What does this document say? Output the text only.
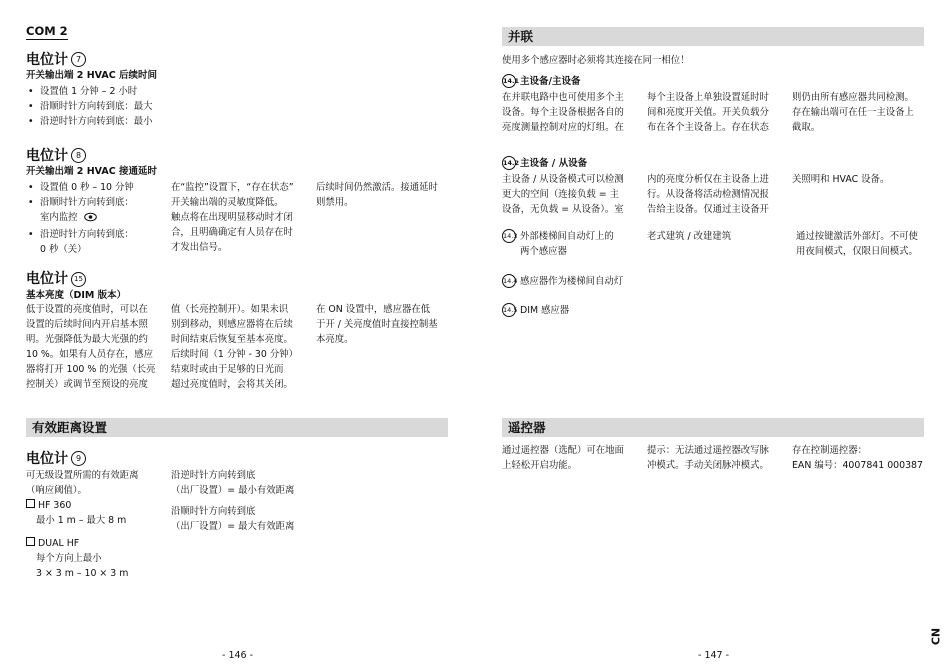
COM 2
电位计 7
开关输出端 2 HVAC 后续时间
• 设置值 1 分钟 – 2 小时
• 沿顺时针方向转到底：最大
• 沿逆时针方向转到底：最小
电位计 8
开关输出端 2 HVAC 接通延时
• 设置值 0 秒 – 10 分钟
• 沿顺时针方向转到底：
室内监控
• 沿逆时针方向转到底：
0 秒（关）
在“监控”设置下，“存在状态”
开关输出端的灵敏度降低。
触点将在出现明显移动时才闭
合，且明确确定有人员存在时
才发出信号。
后续时间仍然激活。接通延时
则禁用。
电位计 15
基本亮度（DIM 版本）
低于设置的亮度值时，可以在
设置的后续时间内开启基本照
明。光强降低为最大光强的约
10 %。如果有人员存在，感应
器将打开 100 % 的光强（长亮
控制关）或调节至预设的亮度
值（长亮控制开）。如果未识
别到移动，则感应器将在后续
时间结束后恢复至基本亮度。
后续时间（1 分钟 - 30 分钟）
结束时或由于足够的日光而
超过亮度值时，会将其关闭。
在 ON 设置中，感应器在低
于开 / 关亮度值时直接控制基
本亮度。
有效距离设置
电位计 9
可无级设置所需的有效距离
（响应阈值）。
HF 360
最小 1 m – 最大 8 m
DUAL HF
每个方向上最小
3 × 3 m – 10 × 3 m
沿逆时针方向转到底
（出厂设置）= 最小有效距离
沿顺时针方向转到底
（出厂设置）= 最大有效距离
- 146 -
并联
使用多个感应器时必须将其连接在同一相位！
14.1主设备/主设备
在并联电路中也可使用多个主
设备。每个主设备根据各自的
亮度测量控制对应的灯组。在
每个主设备上单独设置延时时
间和亮度开关值。开关负载分
布在各个主设备上。存在状态
则仍由所有感应器共同检测。
存在输出端可在任一主设备上
截取。
14.2主设备 / 从设备
主设备 / 从设备模式可以检测
更大的空间（连接负载 = 主
设备，无负载 = 从设备）。室
内的亮度分析仅在主设备上进
行。从设备将活动检测情况报
告给主设备。仅通过主设备开
关照明和 HVAC 设备。
14.3 外部楼梯间自动灯上的
两个感应器
老式建筑 / 改建建筑	通过按键激活外部灯。不可使
用夜间模式，仅限日间模式。
14.4 感应器作为楼梯间自动灯
14.5 DIM 感应器
遥控器
通过遥控器（选配）可在地面
上轻松开启功能。
提示：无法通过遥控器改写脉
冲模式。手动关闭脉冲模式。
存在控制遥控器：
EAN 编号：4007841 000387
- 147 -
CN
